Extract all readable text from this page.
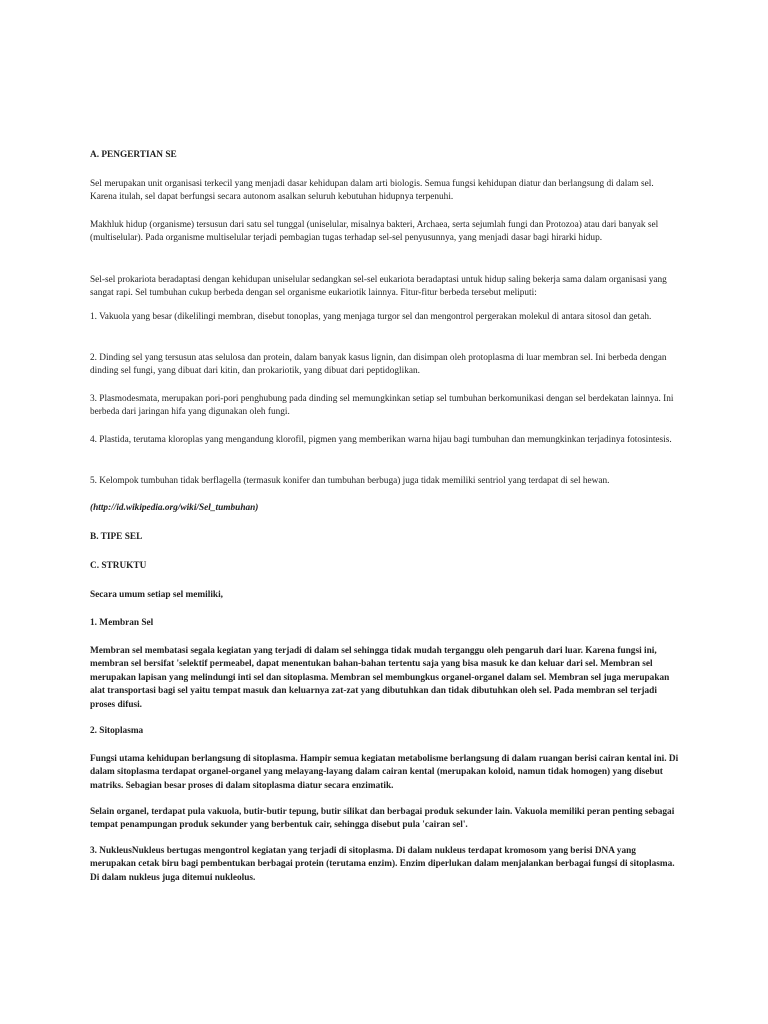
A. PENGERTIAN SE

Sel merupakan unit organisasi terkecil yang menjadi dasar kehidupan dalam arti biologis. Semua fungsi kehidupan diatur dan berlangsung di dalam sel. Karena itulah, sel dapat berfungsi secara autonom asalkan seluruh kebutuhan hidupnya terpenuhi.

Makhluk hidup (organisme) tersusun dari satu sel tunggal (uniselular, misalnya bakteri, Archaea, serta sejumlah fungi dan Protozoa) atau dari banyak sel (multiselular). Pada organisme multiselular terjadi pembagian tugas terhadap sel-sel penyusunnya, yang menjadi dasar bagi hirarki hidup.

Sel-sel prokariota beradaptasi dengan kehidupan uniselular sedangkan sel-sel eukariota beradaptasi untuk hidup saling bekerja sama dalam organisasi yang sangat rapi. Sel tumbuhan cukup berbeda dengan sel organisme eukariotik lainnya. Fitur-fitur berbeda tersebut meliputi:

1. Vakuola yang besar (dikelilingi membran, disebut tonoplas, yang menjaga turgor sel dan mengontrol pergerakan molekul di antara sitosol dan getah.

2. Dinding sel yang tersusun atas selulosa dan protein, dalam banyak kasus lignin, dan disimpan oleh protoplasma di luar membran sel. Ini berbeda dengan dinding sel fungi, yang dibuat dari kitin, dan prokariotik, yang dibuat dari peptidoglikan.

3. Plasmodesmata, merupakan pori-pori penghubung pada dinding sel memungkinkan setiap sel tumbuhan berkomunikasi dengan sel berdekatan lainnya. Ini berbeda dari jaringan hifa yang digunakan oleh fungi.

4. Plastida, terutama kloroplas yang mengandung klorofil, pigmen yang memberikan warna hijau bagi tumbuhan dan memungkinkan terjadinya fotosintesis.

5. Kelompok tumbuhan tidak berflagella (termasuk konifer dan tumbuhan berbuga) juga tidak memiliki sentriol yang terdapat di sel hewan.

(http://id.wikipedia.org/wiki/Sel_tumbuhan)

B. TIPE SEL

C. STRUKTU

Secara umum setiap sel memiliki,

1. Membran Sel

Membran sel membatasi segala kegiatan yang terjadi di dalam sel sehingga tidak mudah terganggu oleh pengaruh dari luar. Karena fungsi ini, membran sel bersifat 'selektif permeabel, dapat menentukan bahan-bahan tertentu saja yang bisa masuk ke dan keluar dari sel. Membran sel merupakan lapisan yang melindungi inti sel dan sitoplasma. Membran sel membungkus organel-organel dalam sel. Membran sel juga merupakan alat transportasi bagi sel yaitu tempat masuk dan keluarnya zat-zat yang dibutuhkan dan tidak dibutuhkan oleh sel. Pada membran sel terjadi proses difusi.

2. Sitoplasma

Fungsi utama kehidupan berlangsung di sitoplasma. Hampir semua kegiatan metabolisme berlangsung di dalam ruangan berisi cairan kental ini. Di dalam sitoplasma terdapat organel-organel yang melayang-layang dalam cairan kental (merupakan koloid, namun tidak homogen) yang disebut matriks. Sebagian besar proses di dalam sitoplasma diatur secara enzimatik.

Selain organel, terdapat pula vakuola, butir-butir tepung, butir silikat dan berbagai produk sekunder lain. Vakuola memiliki peran penting sebagai tempat penampungan produk sekunder yang berbentuk cair, sehingga disebut pula 'cairan sel'.

3. NukleusNukleus bertugas mengontrol kegiatan yang terjadi di sitoplasma. Di dalam nukleus terdapat kromosom yang berisi DNA yang merupakan cetak biru bagi pembentukan berbagai protein (terutama enzim). Enzim diperlukan dalam menjalankan berbagai fungsi di sitoplasma. Di dalam nukleus juga ditemui nukleolus.
